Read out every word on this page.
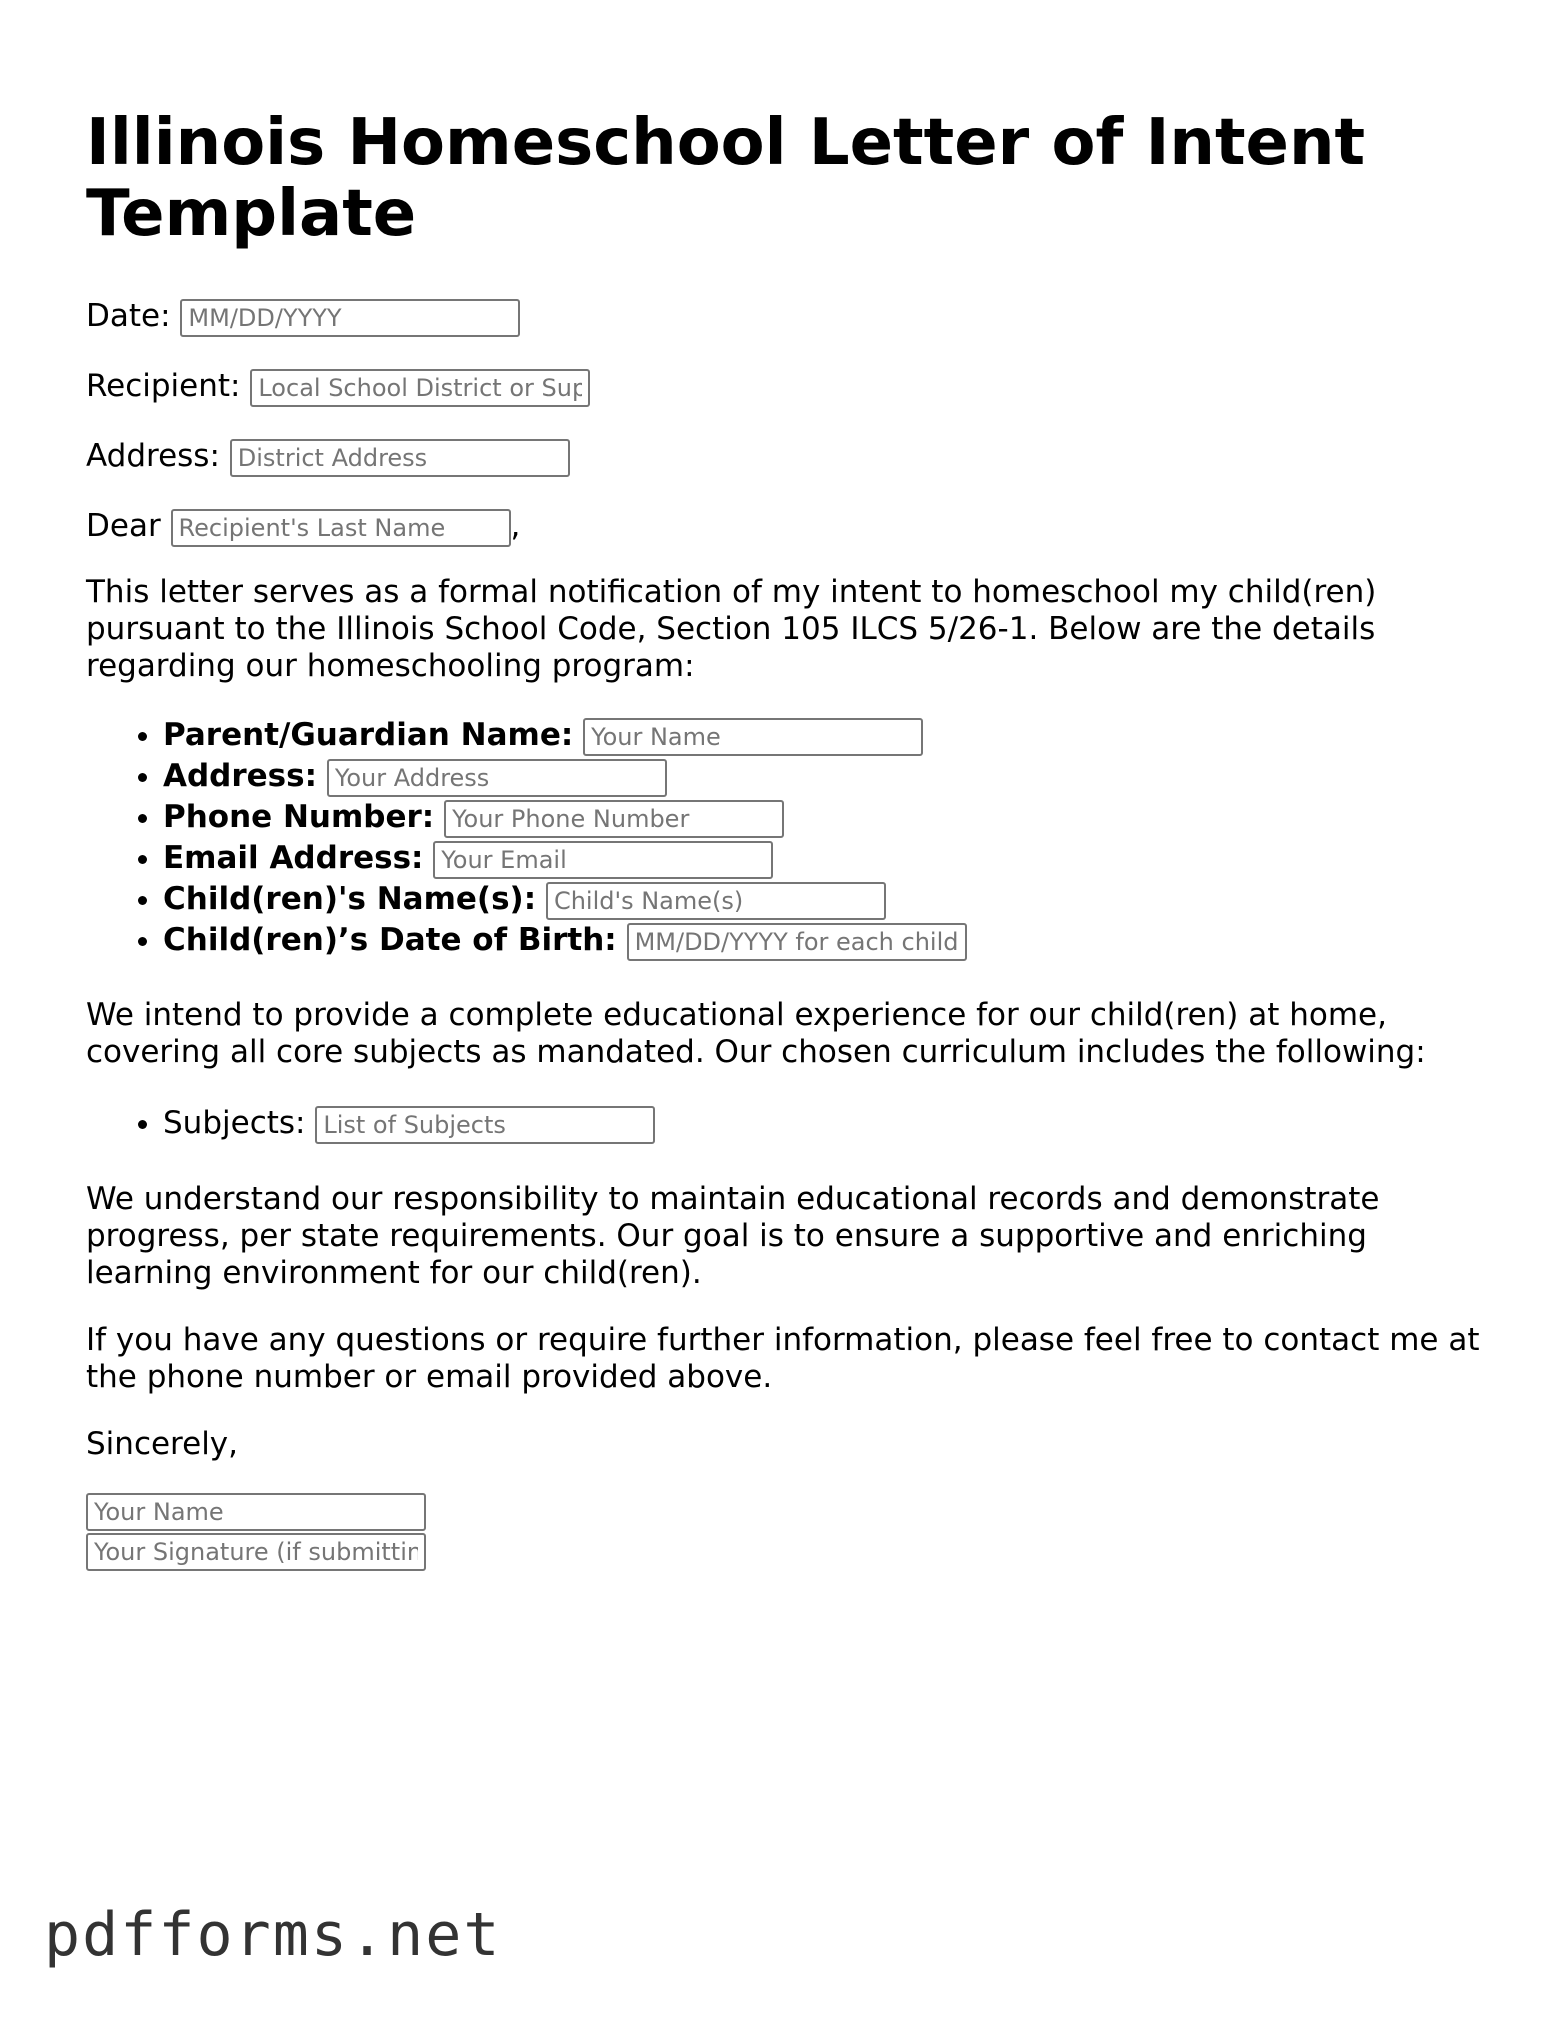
Illinois Homeschool Letter of Intent Template
Date: MM/DD/YYYY
Recipient: Local School District or Superintendent
Address: District Address
Dear Recipient's Last Name	,

This letter serves as a formal notification of my intent to homeschool my child(ren) pursuant to the Illinois School Code, Section 105 ILCS 5/26-1. Below are the details regarding our homeschooling program:

• Parent/Guardian Name: Your Name
• Address: Your Address
• Phone Number: Your Phone Number
• Email Address: Your Email
• Child(ren)'s Name(s): Child's Name(s)
• Child(ren)’s Date of Birth: MM/DD/YYYY for each child

We intend to provide a complete educational experience for our child(ren) at home, covering all core subjects as mandated. Our chosen curriculum includes the following:

• Subjects: List of Subjects

We understand our responsibility to maintain educational records and demonstrate progress, per state requirements. Our goal is to ensure a supportive and enriching learning environment for our child(ren).

If you have any questions or require further information, please feel free to contact me at the phone number or email provided above.

Sincerely,

Your Name
Your Signature (if submitting by mail)
pdfforms.net
